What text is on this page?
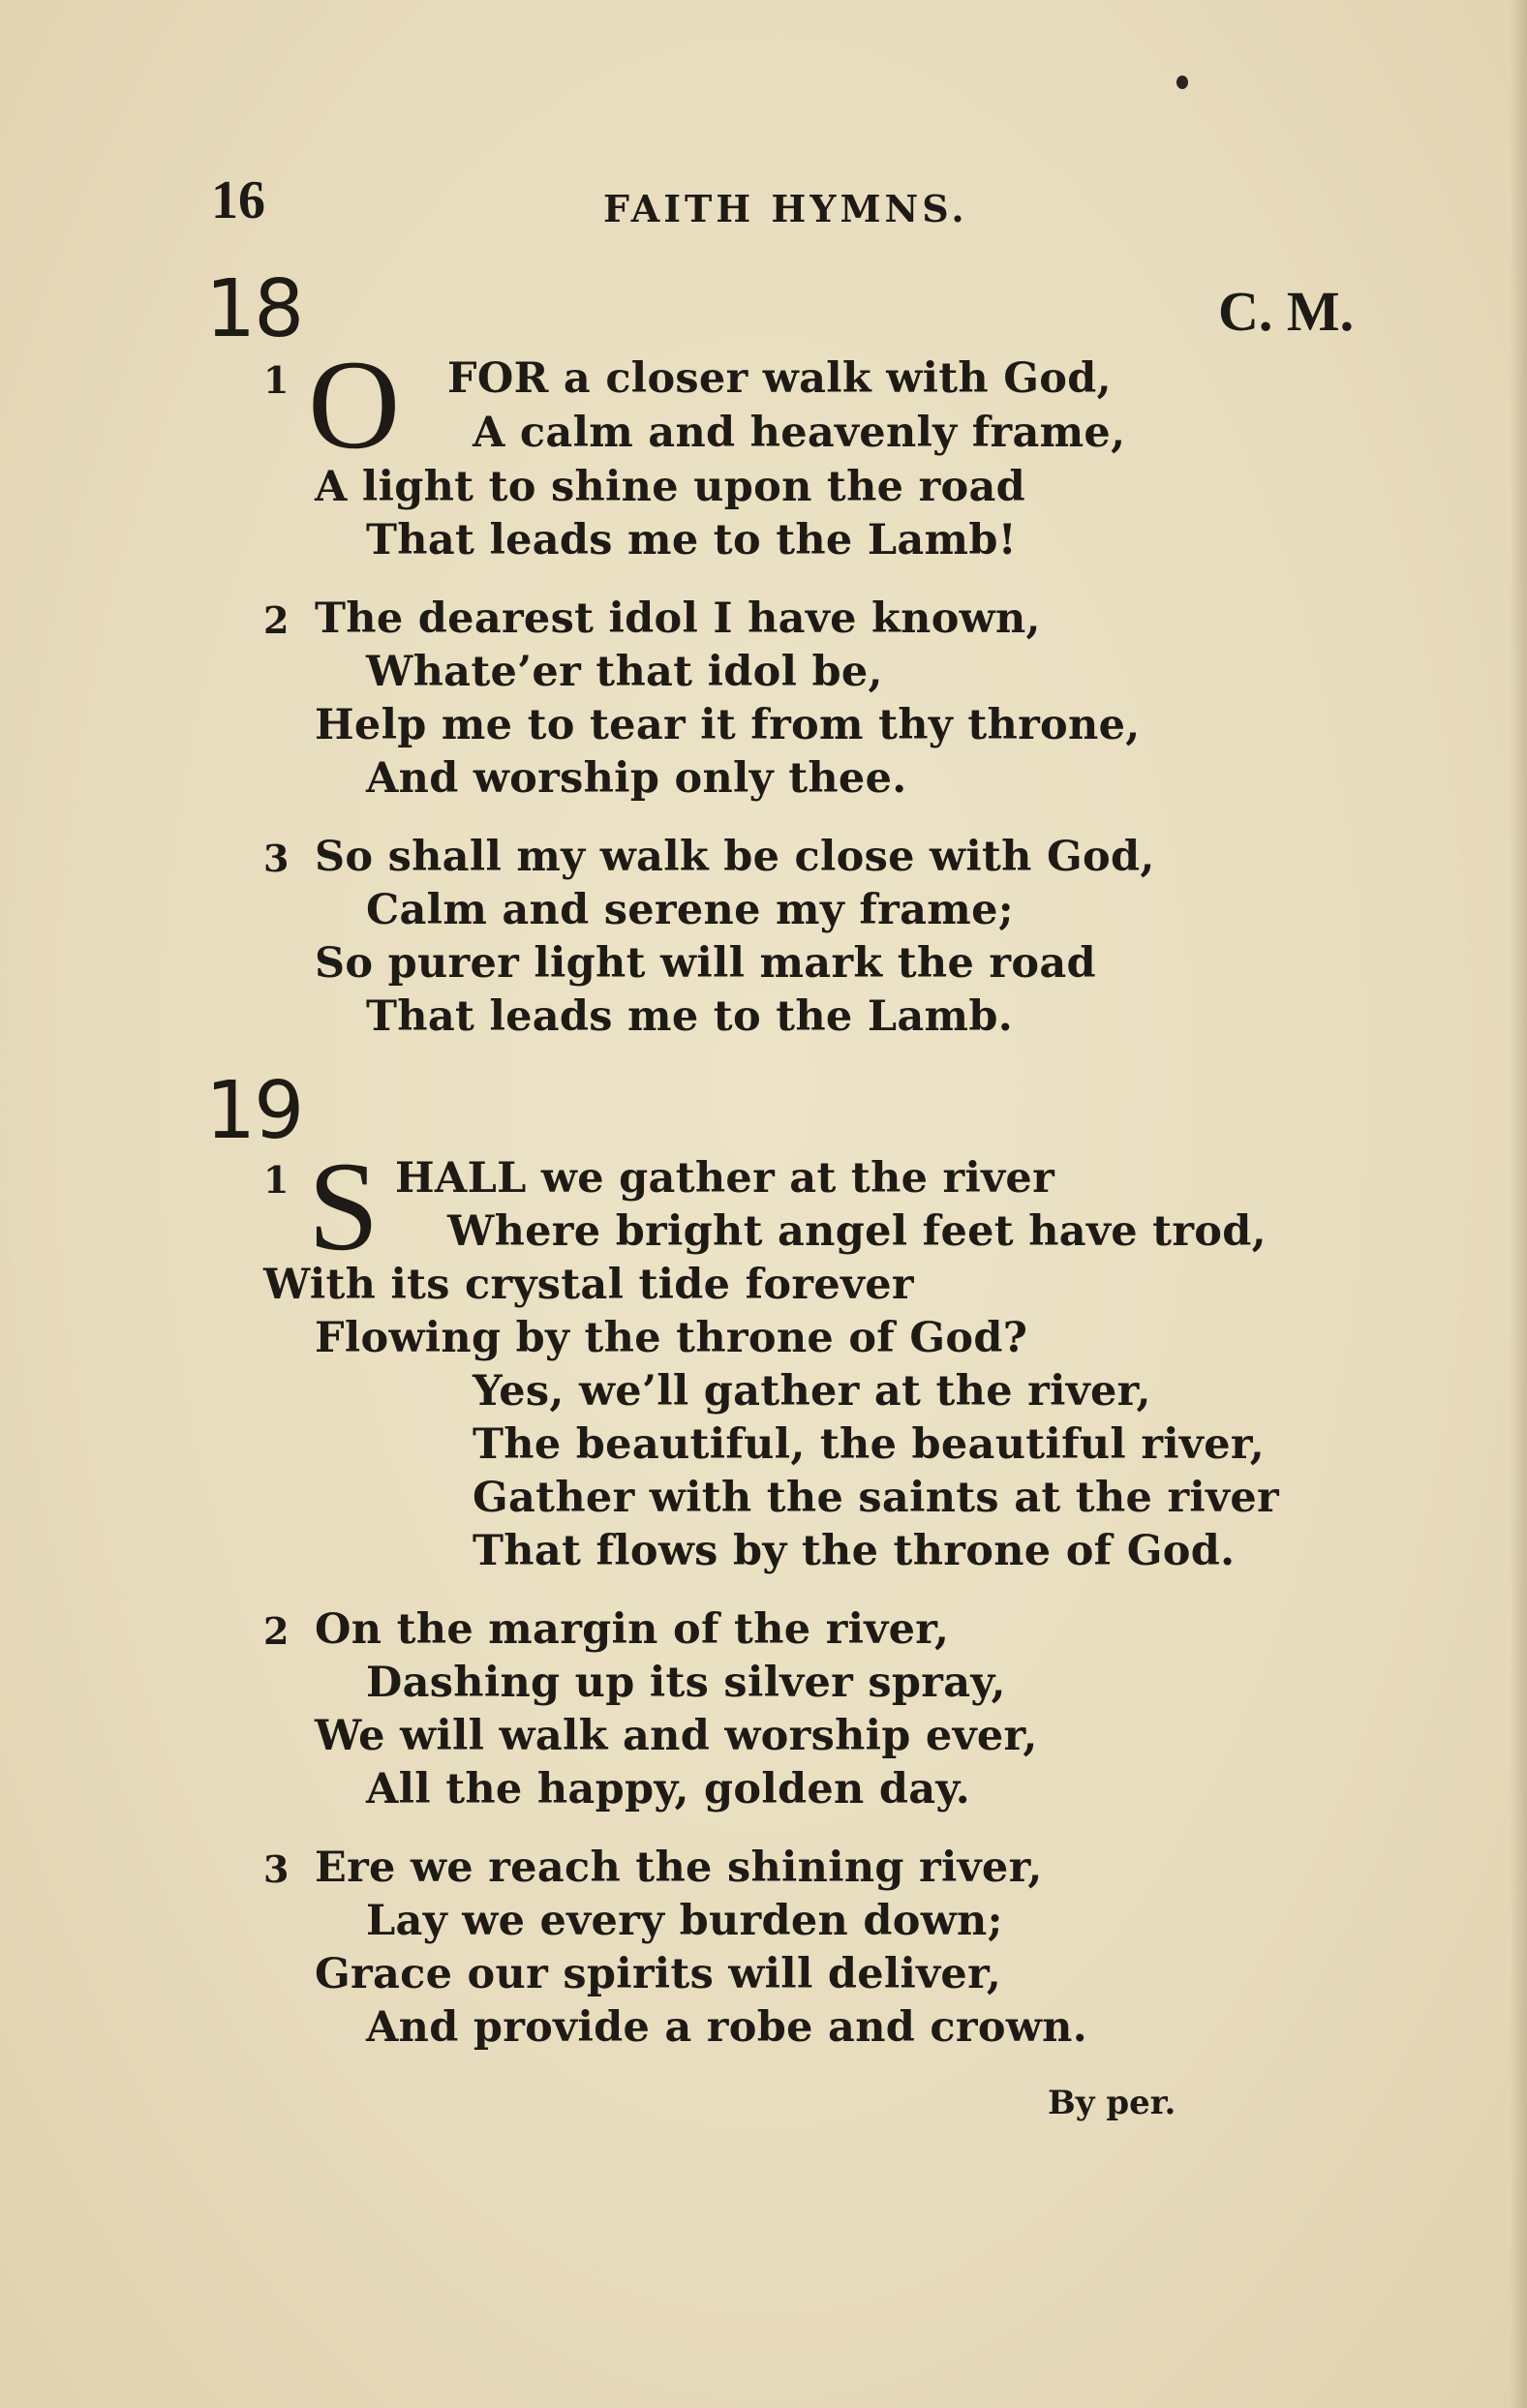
16	FAITH HYMNS.
18	C. M.
1 O FOR a closer walk with God,
A calm and heavenly frame,
A light to shine upon the road
That leads me to the Lamb!
2 The dearest idol I have known,
Whate’er that idol be,
Help me to tear it from thy throne,
And worship only thee.
3 So shall my walk be close with God,
Calm and serene my frame;
So purer light will mark the road
That leads me to the Lamb.
19
1 S HALL we gather at the river
Where bright angel feet have trod,
With its crystal tide forever
Flowing by the throne of God?
Yes, we’ll gather at the river,
The beautiful, the beautiful river,
Gather with the saints at the river
That flows by the throne of God.
2 On the margin of the river,
Dashing up its silver spray,
We will walk and worship ever,
All the happy, golden day.
3 Ere we reach the shining river,
Lay we every burden down;
Grace our spirits will deliver,
And provide a robe and crown.
By per.
